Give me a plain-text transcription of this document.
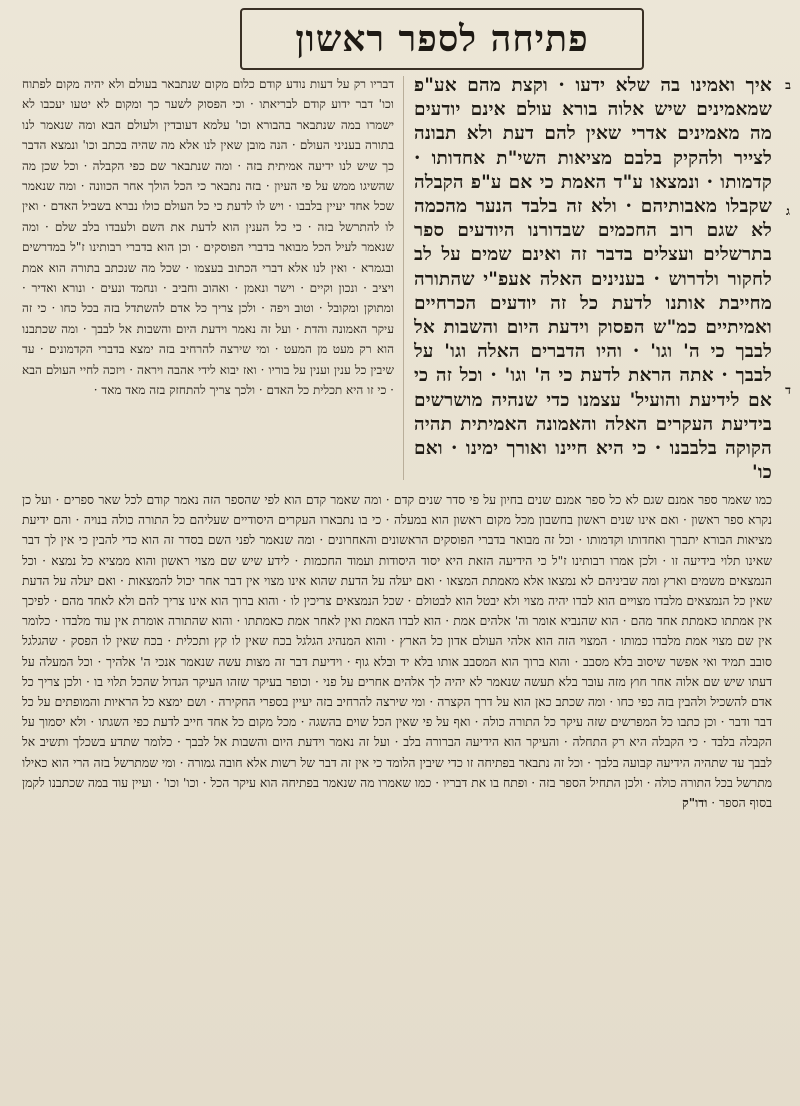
פתיחה לספר ראשון
איך ואמינו בה שלא ידעו · וקצת מהם אע"פ שמאמינים שיש אלוה בורא עולם אינם יודעים מה מאמינים אדרי שאין להם דעת ולא תבונה לצייר ולהקיק בלבם מציאות השי"ת אחדותו · קדמותו · ונמצאו ע"ד האמת כי אם ע"פ הקבלה שקבלו מאבותיהם · ולא זה בלבד הנער מהכמה לא שגם רוב החכמים שבדורנו היודעים ספר בתרשלים ועצלים בדבר זה ואינם שמים על לב לחקור ולדרוש · בענינים האלה אעפ"י שהתורה מחייבת אותנו לדעת כל זה יודעים הכרחיים ואמיתיים כמ"ש הפסוק וידעת היום והשבות אל לבבך כי ה' וגו' · והיו הדברים האלה וגו' על לבבך · אתה הראת לדעת כי ה' וגו' · וכל זה כי אם לידיעת והועיל' עצמנו כדי שנהיה מושרשים בידיעת העקרים האלה והאמונה האמיתית תהיה הקוקה בלבבנו · כי היא חיינו ואורך ימינו · ואם כו'
ב
ג
ד
דבריו רק על דעות נודע קודם כלום מקום שנתבאר בעולם ולא יהיה מקום לפתוח וכו' דבר ידוע קודם לבריאתו · וכי הפסוק לשער כך ומקום לא יטעו יעכבו לא ישמרו במה שנתבאר בהבורא וכו' עלמא דעובדין ולעולם הבא ומה שנאמר לנו בתורה בעניני העולם · הנה מובן שאין לנו אלא מה שהיה בכתב וכו' ונמצא הדבר כך שיש לנו ידיעה אמיתית בזה · ומה שנתבאר שם כפי הקבלה · וכל שכן מה שהשיגו ממש על פי העיון · בזה נתבאר כי הכל הולך אחר הכוונה · ומה שנאמר שכל אחד יעיין בלבבו · ויש לו לדעת כי כל העולם כולו נברא בשביל האדם · ואין לו להתרשל בזה · כי כל הענין הוא לדעת את השם ולעבדו בלב שלם · ומה שנאמר לעיל הכל מבואר בדברי הפוסקים · וכן הוא בדברי רבותינו ז"ל במדרשים ובגמרא · ואין לנו אלא דברי הכתוב בעצמו · שכל מה שנכתב בתורה הוא אמת ויציב · ונכון וקיים · וישר ונאמן · ואהוב וחביב · ונחמד ונעים · ונורא ואדיר · ומתוקן ומקובל · וטוב ויפה · ולכן צריך כל אדם להשתדל בזה בכל כחו · כי זה עיקר האמונה והדת · ועל זה נאמר וידעת היום והשבות אל לבבך · ומה שכתבנו הוא רק מעט מן המעט · ומי שירצה להרחיב בזה ימצא בדברי הקדמונים · עד שיבין כל ענין וענין על בוריו · ואז יבוא לידי אהבה ויראה · ויזכה לחיי העולם הבא · כי זו היא תכלית כל האדם · ולכך צריך להתחזק בזה מאד מאד ·
כמו שאמר ספר אמנם שגם לא כל ספר אמנם שנים בחיון על פי סדר שנים קדם · ומה שאמר קדם הוא לפי שהספר הזה נאמר קודם לכל שאר ספרים · ועל כן נקרא ספר ראשון · ואם אינו שנים ראשון בחשבון מכל מקום ראשון הוא במעלה · כי בו נתבארו העקרים היסודיים שעליהם כל התורה כולה בנויה · והם ידיעת מציאות הבורא יתברך ואחדותו וקדמותו · וכל זה מבואר בדברי הפוסקים הראשונים והאחרונים · ומה שנאמר לפני השם בסדר זה הוא כדי להבין כי אין לך דבר שאינו תלוי בידיעה זו · ולכן אמרו רבותינו ז"ל כי הידיעה הזאת היא יסוד היסודות ועמוד החכמות · לידע שיש שם מצוי ראשון והוא ממציא כל נמצא · וכל הנמצאים משמים וארץ ומה שביניהם לא נמצאו אלא מאמתת המצאו · ואם יעלה על הדעת שהוא אינו מצוי אין דבר אחר יכול להמצאות · ואם יעלה על הדעת שאין כל הנמצאים מלבדו מצויים הוא לבדו יהיה מצוי ולא יבטל הוא לבטולם · שכל הנמצאים צריכין לו · והוא ברוך הוא אינו צריך להם ולא לאחד מהם · לפיכך אין אמתתו כאמתת אחד מהם · הוא שהנביא אומר וה' אלהים אמת · הוא לבדו האמת ואין לאחר אמת כאמתתו · והוא שהתורה אומרת אין עוד מלבדו · כלומר אין שם מצוי אמת מלבדו כמותו · המצוי הזה הוא אלהי העולם אדון כל הארץ · והוא המנהיג הגלגל בכח שאין לו קץ ותכלית · בכח שאין לו הפסק · שהגלגל סובב תמיד ואי אפשר שיסוב בלא מסבב · והוא ברוך הוא המסבב אותו בלא יד ובלא גוף · וידיעת דבר זה מצות עשה שנאמר אנכי ה' אלהיך · וכל המעלה על דעתו שיש שם אלוה אחר חוץ מזה עובר בלא תעשה שנאמר לא יהיה לך אלהים אחרים על פני · וכופר בעיקר שזהו העיקר הגדול שהכל תלוי בו · ולכן צריך כל אדם להשכיל ולהבין בזה כפי כחו · ומה שכתב כאן הוא על דרך הקצרה · ומי שירצה להרחיב בזה יעיין בספרי החקירה · ושם ימצא כל הראיות והמופתים על כל דבר ודבר · וכן כתבו כל המפרשים שזה עיקר כל התורה כולה · ואף על פי שאין הכל שוים בהשגה · מכל מקום כל אחד חייב לדעת כפי השגתו · ולא יסמוך על הקבלה בלבד · כי הקבלה היא רק התחלה · והעיקר הוא הידיעה הברורה בלב · ועל זה נאמר וידעת היום והשבות אל לבבך · כלומר שתדע בשכלך ותשיב אל לבבך עד שתהיה הידיעה קבועה בלבך · וכל זה נתבאר בפתיחה זו כדי שיבין הלומד כי אין זה דבר של רשות אלא חובה גמורה · ומי שמתרשל בזה הרי הוא כאילו מתרשל בכל התורה כולה · ולכן התחיל הספר בזה · ופתח בו את דבריו · כמו שאמרו מה שנאמר בפתיחה הוא עיקר הכל · וכו' וכו' · ועיין עוד במה שכתבנו לקמן בסוף הספר · ודו"ק
